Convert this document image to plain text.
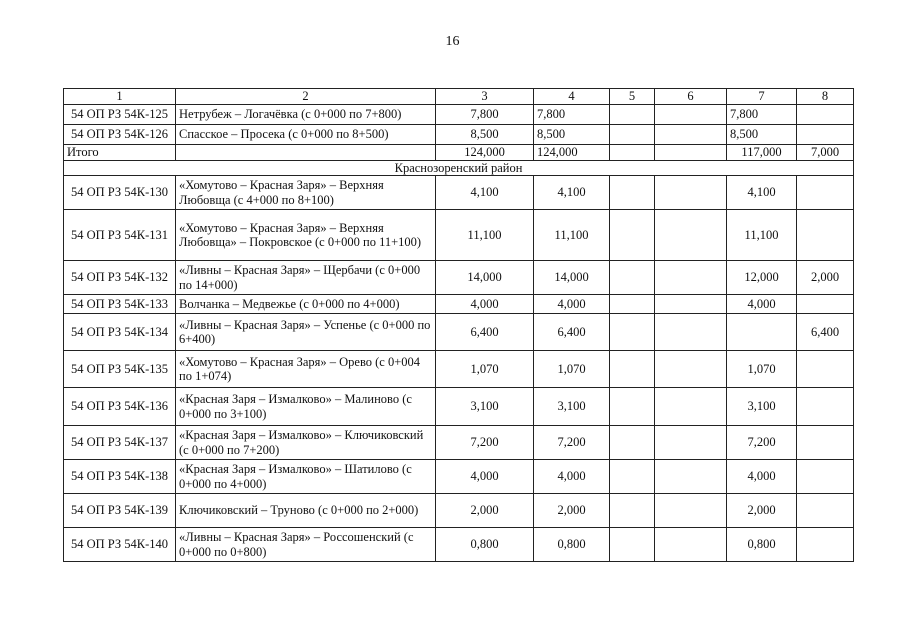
16
1	2	3	4	5	6	7	8
54 ОП РЗ 54К-125	Нетрубеж – Логачёвка (с 0+000 по 7+800)	7,800	7,800			7,800	
54 ОП РЗ 54К-126	Спасское – Просека (с 0+000 по 8+500)	8,500	8,500			8,500	
Итого		124,000	124,000			117,000	7,000
Краснозоренский район							
54 ОП РЗ 54К-130	«Хомутово – Красная Заря» – Верхняя Любовща (с 4+000 по 8+100)	4,100	4,100			4,100	
54 ОП РЗ 54К-131	«Хомутово – Красная Заря» – Верхняя Любовща» – Покровское (с 0+000 по 11+100)	11,100	11,100			11,100	
54 ОП РЗ 54К-132	«Ливны – Красная Заря» – Щербачи (с 0+000 по 14+000)	14,000	14,000			12,000	2,000
54 ОП РЗ 54К-133	Волчанка – Медвежье (с 0+000 по 4+000)	4,000	4,000			4,000	
54 ОП РЗ 54К-134	«Ливны – Красная Заря» – Успенье (с 0+000 по 6+400)	6,400	6,400				6,400
54 ОП РЗ 54К-135	«Хомутово – Красная Заря» – Орево (с 0+004 по 1+074)	1,070	1,070			1,070	
54 ОП РЗ 54К-136	«Красная Заря – Измалково» – Малиново (с 0+000 по 3+100)	3,100	3,100			3,100	
54 ОП РЗ 54К-137	«Красная Заря – Измалково» – Ключиковский (с 0+000 по 7+200)	7,200	7,200			7,200	
54 ОП РЗ 54К-138	«Красная Заря – Измалково» – Шатилово (с 0+000 по 4+000)	4,000	4,000			4,000	
54 ОП РЗ 54К-139	Ключиковский – Труново (с 0+000 по 2+000)	2,000	2,000			2,000	
54 ОП РЗ 54К-140	«Ливны – Красная Заря» – Россошенский (с 0+000 по 0+800)	0,800	0,800			0,800	
